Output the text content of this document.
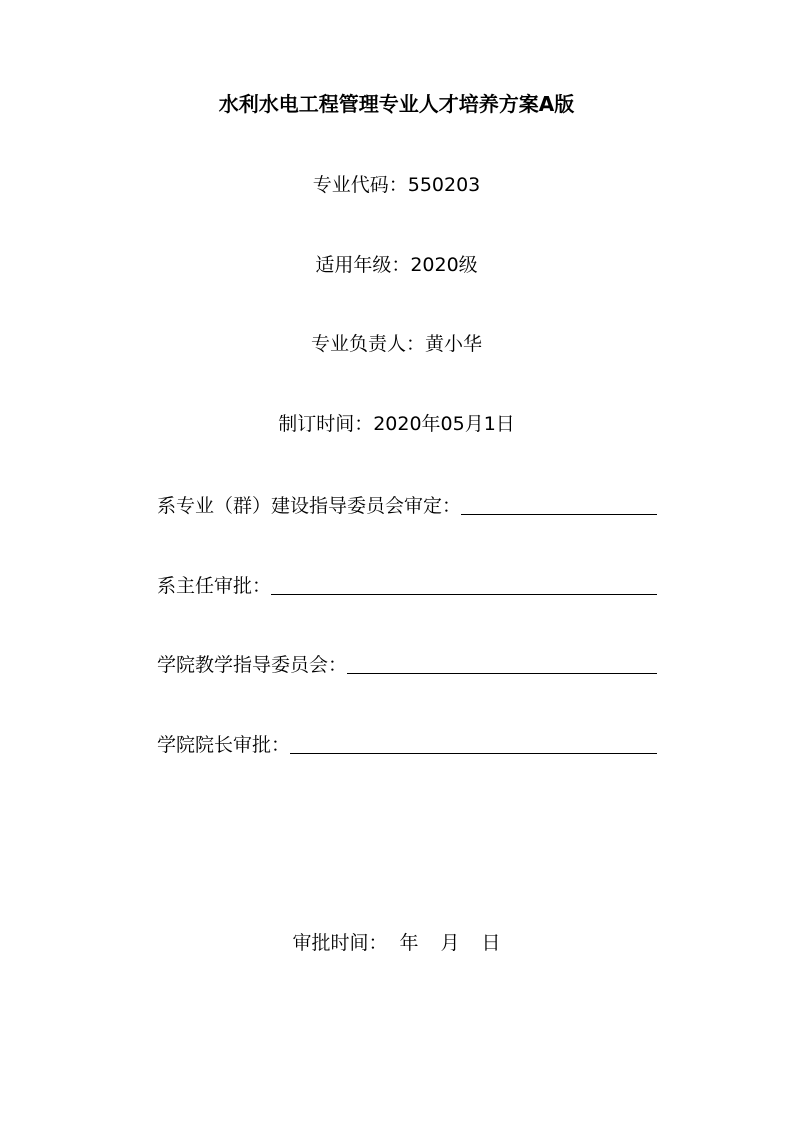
水利水电工程管理专业人才培养方案A版
专业代码：550203
适用年级：2020级
专业负责人：黄小华
制订时间：2020年05月1日
系专业（群）建设指导委员会审定：
系主任审批：
学院教学指导委员会：
学院院长审批：
审批时间： 年 月 日
